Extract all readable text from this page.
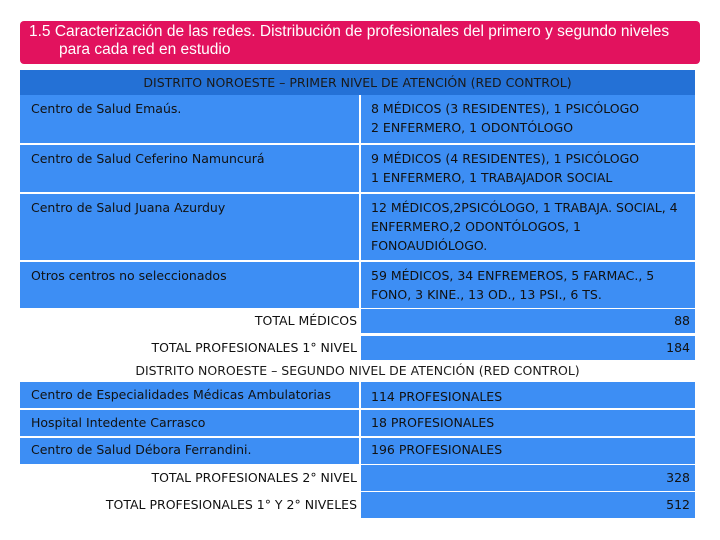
1.5 Caracterización de las redes. Distribución de profesionales del primero y segundo niveles
para cada red en estudio
DISTRITO NOROESTE – PRIMER NIVEL DE ATENCIÓN (RED CONTROL)
Centro de Salud Emaús.	8 MÉDICOS (3 RESIDENTES), 1 PSICÓLOGO
2 ENFERMERO, 1 ODONTÓLOGO
Centro de Salud Ceferino Namuncurá	9 MÉDICOS (4 RESIDENTES), 1 PSICÓLOGO
1 ENFERMERO, 1 TRABAJADOR SOCIAL
Centro de Salud Juana Azurduy	12 MÉDICOS,2PSICÓLOGO, 1 TRABAJA. SOCIAL, 4
ENFERMERO,2 ODONTÓLOGOS, 1
FONOAUDIÓLOGO.
Otros centros no seleccionados	59 MÉDICOS, 34 ENFREMEROS, 5 FARMAC., 5
FONO, 3 KINE., 13 OD., 13 PSI., 6 TS.
TOTAL MÉDICOS	88
TOTAL PROFESIONALES 1° NIVEL	184
DISTRITO NOROESTE – SEGUNDO NIVEL DE ATENCIÓN (RED CONTROL)
Centro de Especialidades Médicas Ambulatorias	114 PROFESIONALES
Hospital Intedente Carrasco	18 PROFESIONALES
Centro de Salud Débora Ferrandini.	196 PROFESIONALES
TOTAL PROFESIONALES 2° NIVEL	328
TOTAL PROFESIONALES 1° Y 2° NIVELES	512
